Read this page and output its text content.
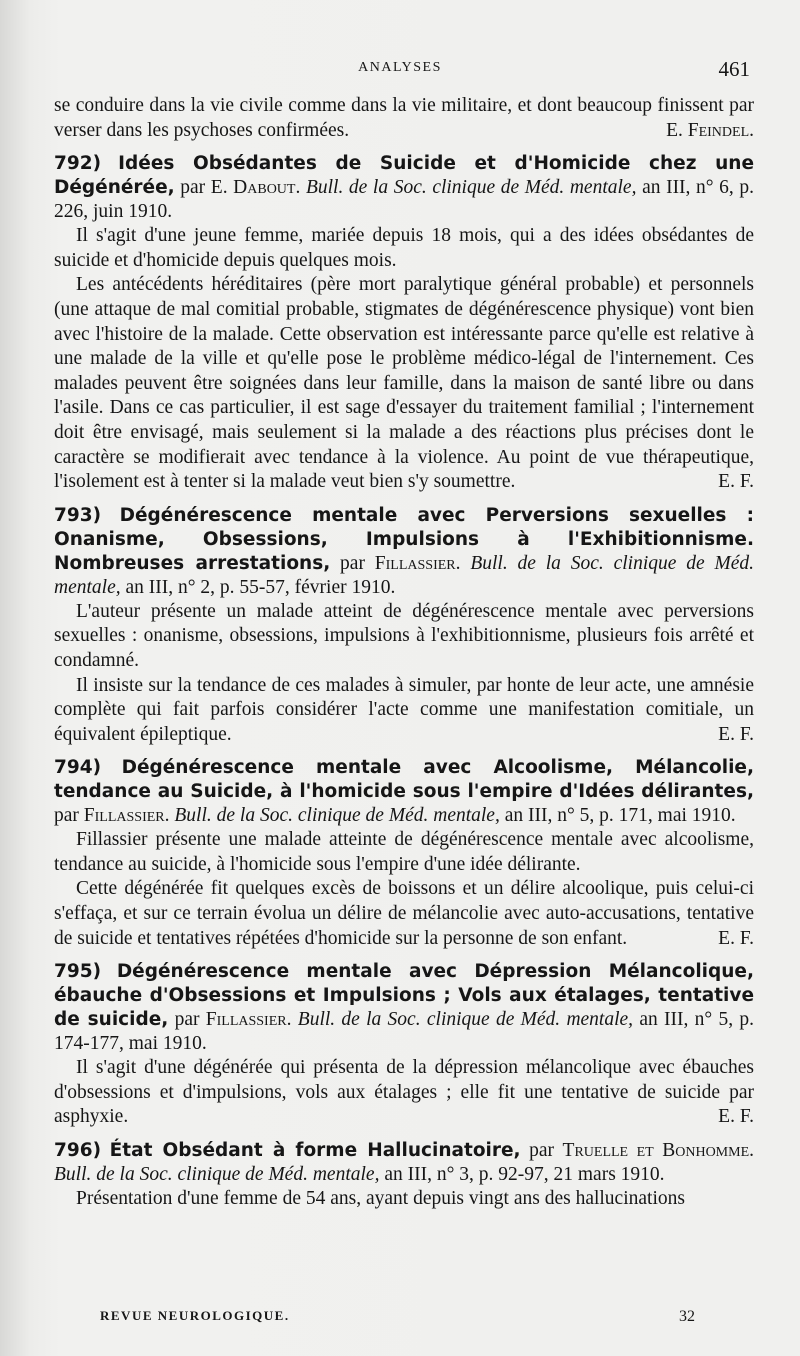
ANALYSES	461

se conduire dans la vie civile comme dans la vie militaire, et dont beaucoup finissent par verser dans les psychoses confirmées.	E. Feindel.

792) Idées Obsédantes de Suicide et d'Homicide chez une Dégénérée, par E. Dabout. Bull. de la Soc. clinique de Méd. mentale, an III, n° 6, p. 226, juin 1910.

Il s'agit d'une jeune femme, mariée depuis 18 mois, qui a des idées obsédantes de suicide et d'homicide depuis quelques mois.

Les antécédents héréditaires (père mort paralytique général probable) et personnels (une attaque de mal comitial probable, stigmates de dégénérescence physique) vont bien avec l'histoire de la malade. Cette observation est intéressante parce qu'elle est relative à une malade de la ville et qu'elle pose le problème médico-légal de l'internement. Ces malades peuvent être soignées dans leur famille, dans la maison de santé libre ou dans l'asile. Dans ce cas particulier, il est sage d'essayer du traitement familial ; l'internement doit être envisagé, mais seulement si la malade a des réactions plus précises dont le caractère se modifierait avec tendance à la violence. Au point de vue thérapeutique, l'isolement est à tenter si la malade veut bien s'y soumettre.	E. F.

793) Dégénérescence mentale avec Perversions sexuelles : Onanisme, Obsessions, Impulsions à l'Exhibitionnisme. Nombreuses arrestations, par Fillassier. Bull. de la Soc. clinique de Méd. mentale, an III, n° 2, p. 55-57, février 1910.

L'auteur présente un malade atteint de dégénérescence mentale avec perversions sexuelles : onanisme, obsessions, impulsions à l'exhibitionnisme, plusieurs fois arrêté et condamné.

Il insiste sur la tendance de ces malades à simuler, par honte de leur acte, une amnésie complète qui fait parfois considérer l'acte comme une manifestation comitiale, un équivalent épileptique.	E. F.

794) Dégénérescence mentale avec Alcoolisme, Mélancolie, tendance au Suicide, à l'homicide sous l'empire d'Idées délirantes, par Fillassier. Bull. de la Soc. clinique de Méd. mentale, an III, n° 5, p. 171, mai 1910.

Fillassier présente une malade atteinte de dégénérescence mentale avec alcoolisme, tendance au suicide, à l'homicide sous l'empire d'une idée délirante.

Cette dégénérée fit quelques excès de boissons et un délire alcoolique, puis celui-ci s'effaça, et sur ce terrain évolua un délire de mélancolie avec auto-accusations, tentative de suicide et tentatives répétées d'homicide sur la personne de son enfant.	E. F.

795) Dégénérescence mentale avec Dépression Mélancolique, ébauche d'Obsessions et Impulsions ; Vols aux étalages, tentative de suicide, par Fillassier. Bull. de la Soc. clinique de Méd. mentale, an III, n° 5, p. 174-177, mai 1910.

Il s'agit d'une dégénérée qui présenta de la dépression mélancolique avec ébauches d'obsessions et d'impulsions, vols aux étalages ; elle fit une tentative de suicide par asphyxie.	E. F.

796) État Obsédant à forme Hallucinatoire, par Truelle et Bonhomme. Bull. de la Soc. clinique de Méd. mentale, an III, n° 3, p. 92-97, 21 mars 1910.

Présentation d'une femme de 54 ans, ayant depuis vingt ans des hallucinations

REVUE NEUROLOGIQUE.	32
